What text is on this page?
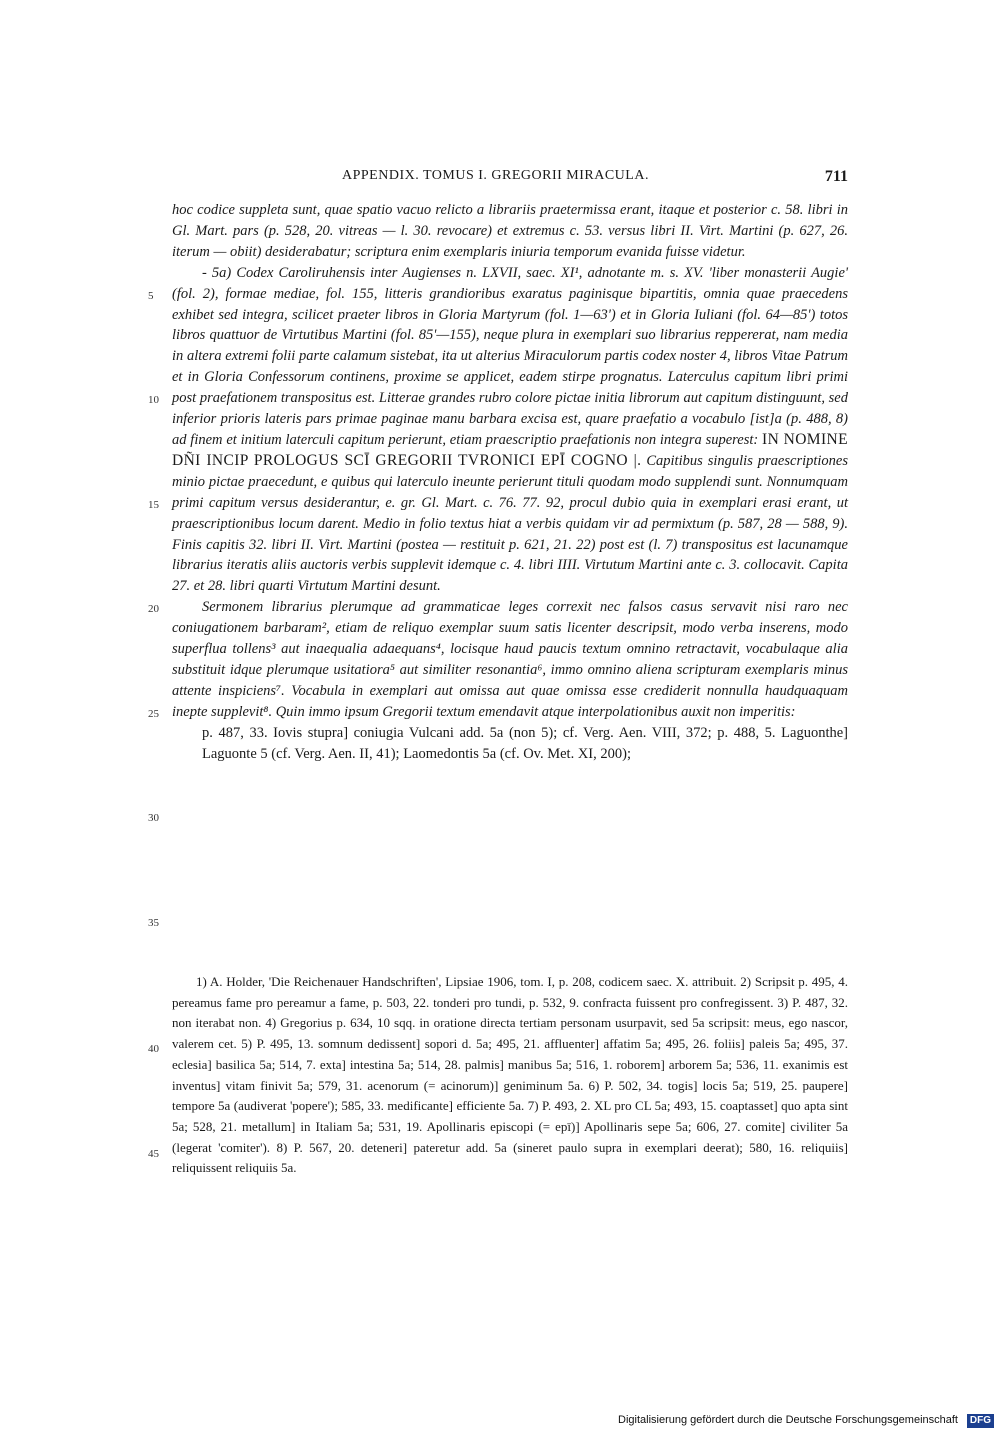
APPENDIX. TOMUS I. GREGORII MIRACULA.	711
5
10
15
20
25
30
35
40
45

hoc codice suppleta sunt, quae spatio vacuo relicto a librariis praetermissa erant, itaque et posterior c. 58. libri in Gl. Mart. pars (p. 528, 20. vitreas — l. 30. revocare) et extremus c. 53. versus libri II. Virt. Martini (p. 627, 26. iterum — obiit) desiderabatur; scriptura enim exemplaris iniuria temporum evanida fuisse videtur.

- 5a) Codex Caroliruhensis inter Augienses n. LXVII, saec. XI¹, adnotante m. s. XV. 'liber monasterii Augie' (fol. 2), formae mediae, fol. 155, litteris grandioribus exaratus paginisque bipartitis, omnia quae praecedens exhibet sed integra, scilicet praeter libros in Gloria Martyrum (fol. 1—63') et in Gloria Iuliani (fol. 64—85') totos libros quattuor de Virtutibus Martini (fol. 85'—155), neque plura in exemplari suo librarius reppererat, nam media in altera extremi folii parte calamum sistebat, ita ut alterius Miraculorum partis codex noster 4, libros Vitae Patrum et in Gloria Confessorum continens, proxime se applicet, eadem stirpe prognatus. Laterculus capitum libri primi post praefationem transpositus est. Litterae grandes rubro colore pictae initia librorum aut capitum distinguunt, sed inferior prioris lateris pars primae paginae manu barbara excisa est, quare praefatio a vocabulo [ist]a (p. 488, 8) ad finem et initium laterculi capitum perierunt, etiam praescriptio praefationis non integra superest: IN NOMINE DÑI INCIP PROLOGUS SCĪ GREGORII TVRONICI EPĪ COGNO |. Capitibus singulis praescriptiones minio pictae praecedunt, e quibus qui laterculo ineunte perierunt tituli quodam modo supplendi sunt. Nonnumquam primi capitum versus desiderantur, e. gr. Gl. Mart. c. 76. 77. 92, procul dubio quia in exemplari erasi erant, ut praescriptionibus locum darent. Medio in folio textus hiat a verbis quidam vir ad permixtum (p. 587, 28 — 588, 9). Finis capitis 32. libri II. Virt. Martini (postea — restituit p. 621, 21. 22) post est (l. 7) transpositus est lacunamque librarius iteratis aliis auctoris verbis supplevit idemque c. 4. libri IIII. Virtutum Martini ante c. 3. collocavit. Capita 27. et 28. libri quarti Virtutum Martini desunt.

Sermonem librarius plerumque ad grammaticae leges correxit nec falsos casus servavit nisi raro nec coniugationem barbaram², etiam de reliquo exemplar suum satis licenter descripsit, modo verba inserens, modo superflua tollens³ aut inaequalia adaequans⁴, locisque haud paucis textum omnino retractavit, vocabulaque alia substituit idque plerumque usitatiora⁵ aut similiter resonantia⁶, immo omnino aliena scripturam exemplaris minus attente inspiciens⁷. Vocabula in exemplari aut omissa aut quae omissa esse crediderit nonnulla haudquaquam inepte supplevit⁸. Quin immo ipsum Gregorii textum emendavit atque interpolationibus auxit non imperitis:

p. 487, 33. Iovis stupra] coniugia Vulcani add. 5a (non 5); cf. Verg. Aen. VIII, 372; p. 488, 5. Laguonthe] Laguonte 5 (cf. Verg. Aen. II, 41); Laomedontis 5a (cf. Ov. Met. XI, 200);

1) A. Holder, 'Die Reichenauer Handschriften', Lipsiae 1906, tom. I, p. 208, codicem saec. X. attribuit. 2) Scripsit p. 495, 4. pereamus fame pro pereamur a fame, p. 503, 22. tonderi pro tundi, p. 532, 9. confracta fuissent pro confregissent. 3) P. 487, 32. non iterabat non. 4) Gregorius p. 634, 10 sqq. in oratione directa tertiam personam usurpavit, sed 5a scripsit: meus, ego nascor, valerem cet. 5) P. 495, 13. somnum dedissent] sopori d. 5a; 495, 21. affluenter] affatim 5a; 495, 26. foliis] paleis 5a; 495, 37. eclesia] basilica 5a; 514, 7. exta] intestina 5a; 514, 28. palmis] manibus 5a; 516, 1. roborem] arborem 5a; 536, 11. exanimis est inventus] vitam finivit 5a; 579, 31. acenorum (= acinorum)] geniminum 5a. 6) P. 502, 34. togis] locis 5a; 519, 25. paupere] tempore 5a (audiverat 'popere'); 585, 33. medificante] efficiente 5a. 7) P. 493, 2. XL pro CL 5a; 493, 15. coaptasset] quo apta sint 5a; 528, 21. metallum] in Italiam 5a; 531, 19. Apollinaris episcopi (= epī)] Apollinaris sepe 5a; 606, 27. comite] civiliter 5a (legerat 'comiter'). 8) P. 567, 20. deteneri] pateretur add. 5a (sineret paulo supra in exemplari deerat); 580, 16. reliquiis] reliquissent reliquiis 5a.

Digitalisierung gefördert durch die Deutsche Forschungsgemeinschaft	DFG
